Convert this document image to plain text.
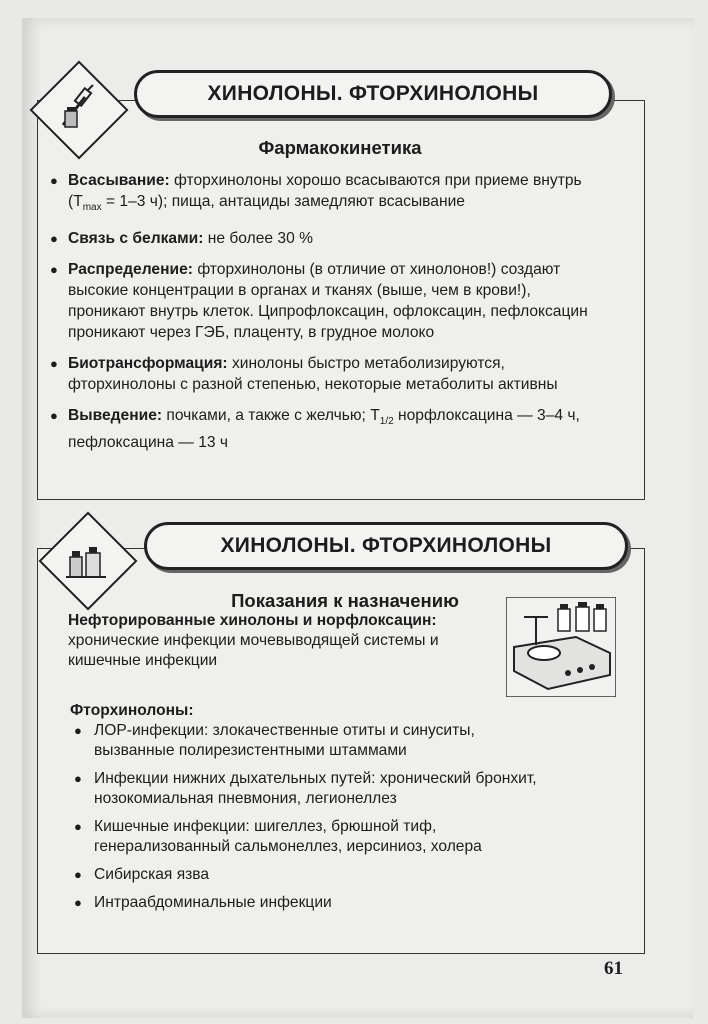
ХИНОЛОНЫ. ФТОРХИНОЛОНЫ
Фармакокинетика
● Всасывание: фторхинолоны хорошо всасываются при приеме внутрь ($T_{max} = 1-3$ ч); пища, антациды замедляют всасывание
● Связь с белками: не более 30 %
● Распределение: фторхинолоны (в отличие от хинолонов!) создают высокие концентрации в органах и тканях (выше, чем в крови!), проникают внутрь клеток. Ципрофлоксацин, офлоксацин, пефлоксацин проникают через ГЭБ, плаценту, в грудное молоко
● Биотрансформация: хинолоны быстро метаболизируются, фторхинолоны с разной степенью, некоторые метаболиты активны
● Выведение: почками, а также с желчью; $T_{1/2}$ норфлоксацина — 3–4 ч, пефлоксацина — 13 ч
ХИНОЛОНЫ. ФТОРХИНОЛОНЫ
Показания к назначению
Нефторированные хинолоны и норфлоксацин: хронические инфекции мочевыводящей системы и кишечные инфекции
Фторхинолоны:
● ЛОР-инфекции: злокачественные отиты и синуситы, вызванные полирезистентными штаммами
● Инфекции нижних дыхательных путей: хронический бронхит, нозокомиальная пневмония, легионеллез
● Кишечные инфекции: шигеллез, брюшной тиф, генерализованный сальмонеллез, иерсиниоз, холера
● Сибирская язва
● Интраабдоминальные инфекции
61
